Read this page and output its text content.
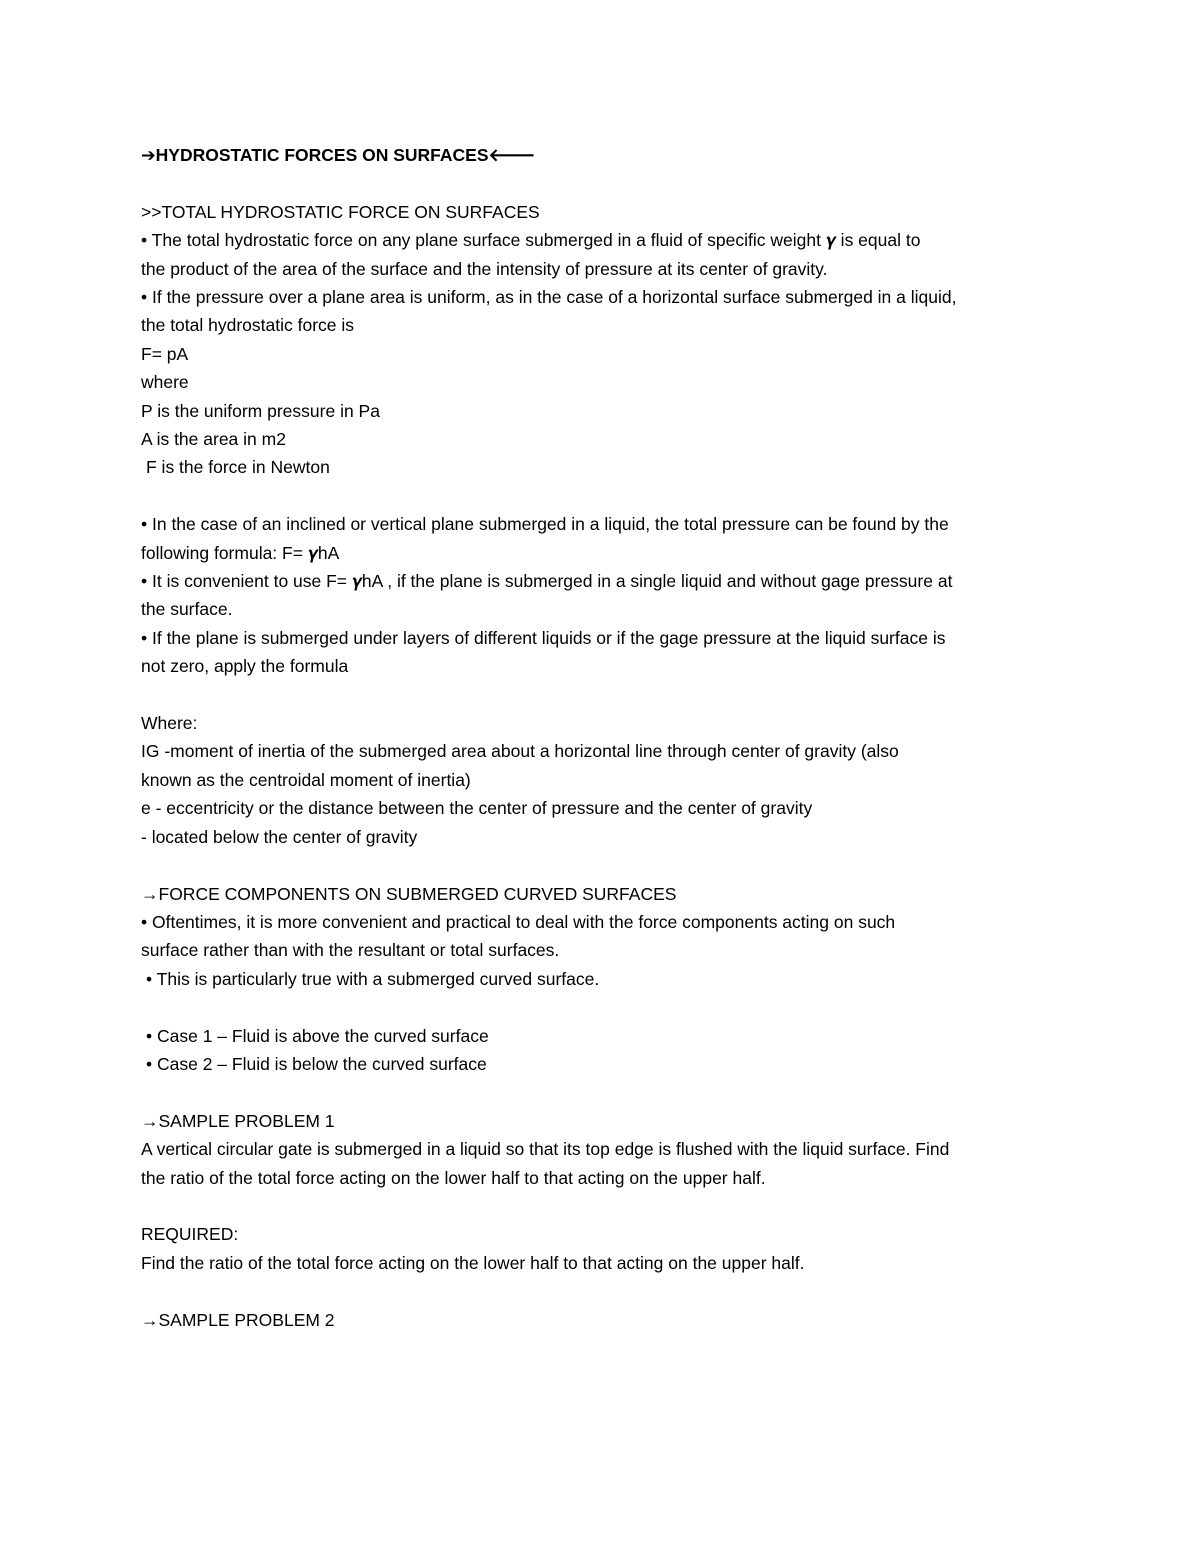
➔HYDROSTATIC FORCES ON SURFACES🡐
>>TOTAL HYDROSTATIC FORCE ON SURFACES
• The total hydrostatic force on any plane surface submerged in a fluid of specific weight 𝜸 is equal to
the product of the area of the surface and the intensity of pressure at its center of gravity.
• If the pressure over a plane area is uniform, as in the case of a horizontal surface submerged in a liquid,
the total hydrostatic force is
F= pA
where
P is the uniform pressure in Pa
A is the area in m2
F is the force in Newton
• In the case of an inclined or vertical plane submerged in a liquid, the total pressure can be found by the
following formula: F= 𝜸hA
• It is convenient to use F= 𝜸hA , if the plane is submerged in a single liquid and without gage pressure at
the surface.
• If the plane is submerged under layers of different liquids or if the gage pressure at the liquid surface is
not zero, apply the formula
Where:
IG -moment of inertia of the submerged area about a horizontal line through center of gravity (also
known as the centroidal moment of inertia)
e - eccentricity or the distance between the center of pressure and the center of gravity
- located below the center of gravity
→FORCE COMPONENTS ON SUBMERGED CURVED SURFACES
• Oftentimes, it is more convenient and practical to deal with the force components acting on such
surface rather than with the resultant or total surfaces.
• This is particularly true with a submerged curved surface.
• Case 1 – Fluid is above the curved surface
• Case 2 – Fluid is below the curved surface
→SAMPLE PROBLEM 1
A vertical circular gate is submerged in a liquid so that its top edge is flushed with the liquid surface. Find
the ratio of the total force acting on the lower half to that acting on the upper half.
REQUIRED:
Find the ratio of the total force acting on the lower half to that acting on the upper half.
→SAMPLE PROBLEM 2
